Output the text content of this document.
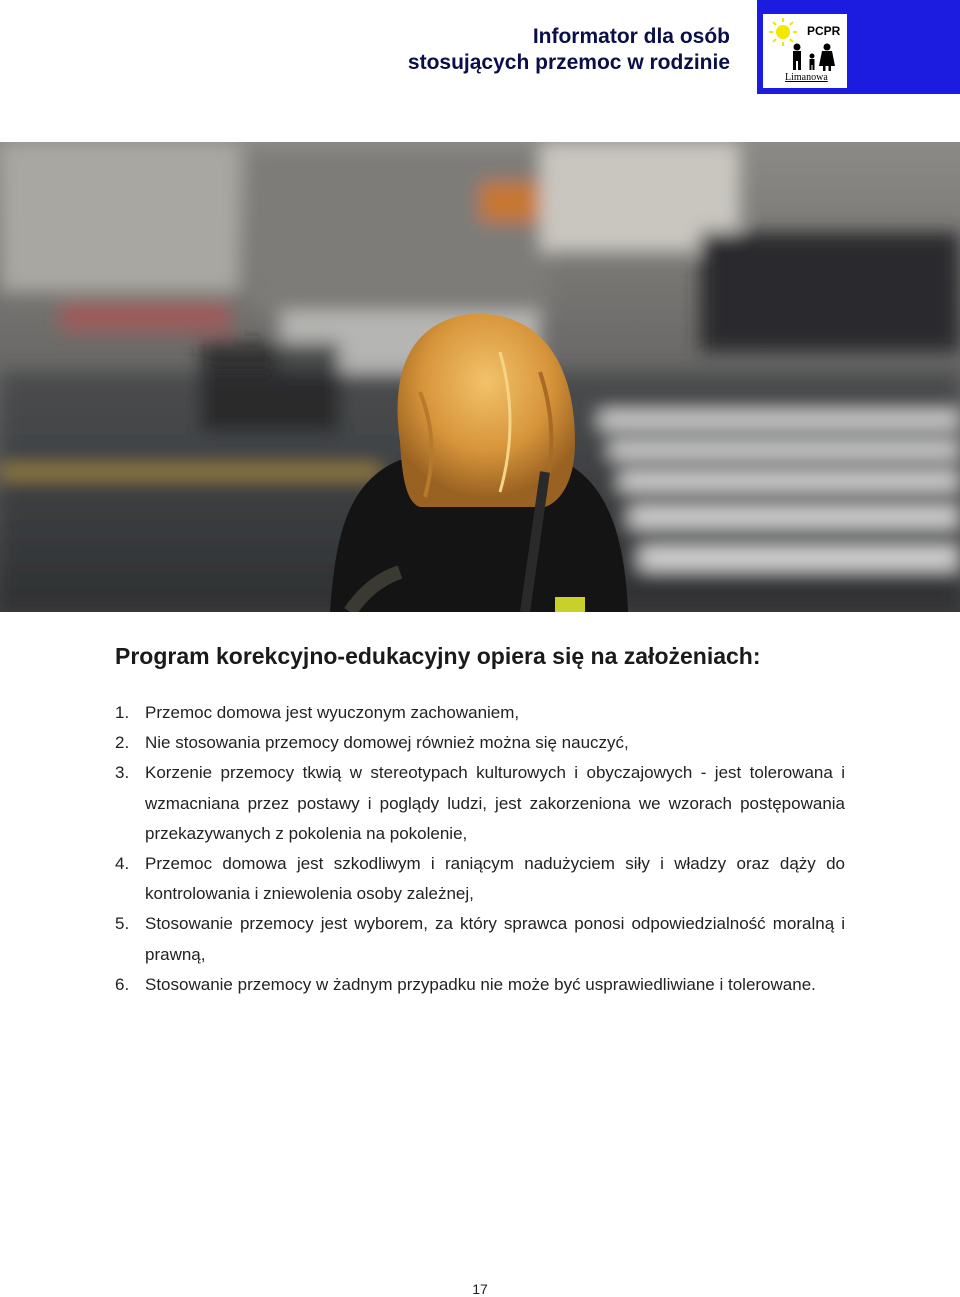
Informator dla osób
stosujących przemoc w rodzinie
PCPR
Limanowa
Program korekcyjno-edukacyjny opiera się na założeniach:
1. Przemoc domowa jest wyuczonym zachowaniem,
2. Nie stosowania przemocy domowej również można się nauczyć,
3. Korzenie przemocy tkwią w stereotypach kulturowych i obyczajowych - jest tolerowana i wzmacniana przez postawy i poglądy ludzi, jest zakorzeniona we wzorach postępowania przekazywanych z pokolenia na pokolenie,
4. Przemoc domowa jest szkodliwym i raniącym nadużyciem siły i władzy oraz dąży do kontrolowania i zniewolenia osoby zależnej,
5. Stosowanie przemocy jest wyborem, za który sprawca ponosi odpowiedzialność moralną i prawną,
6. Stosowanie przemocy w żadnym przypadku nie może być usprawiedliwiane i tolerowane.
17
